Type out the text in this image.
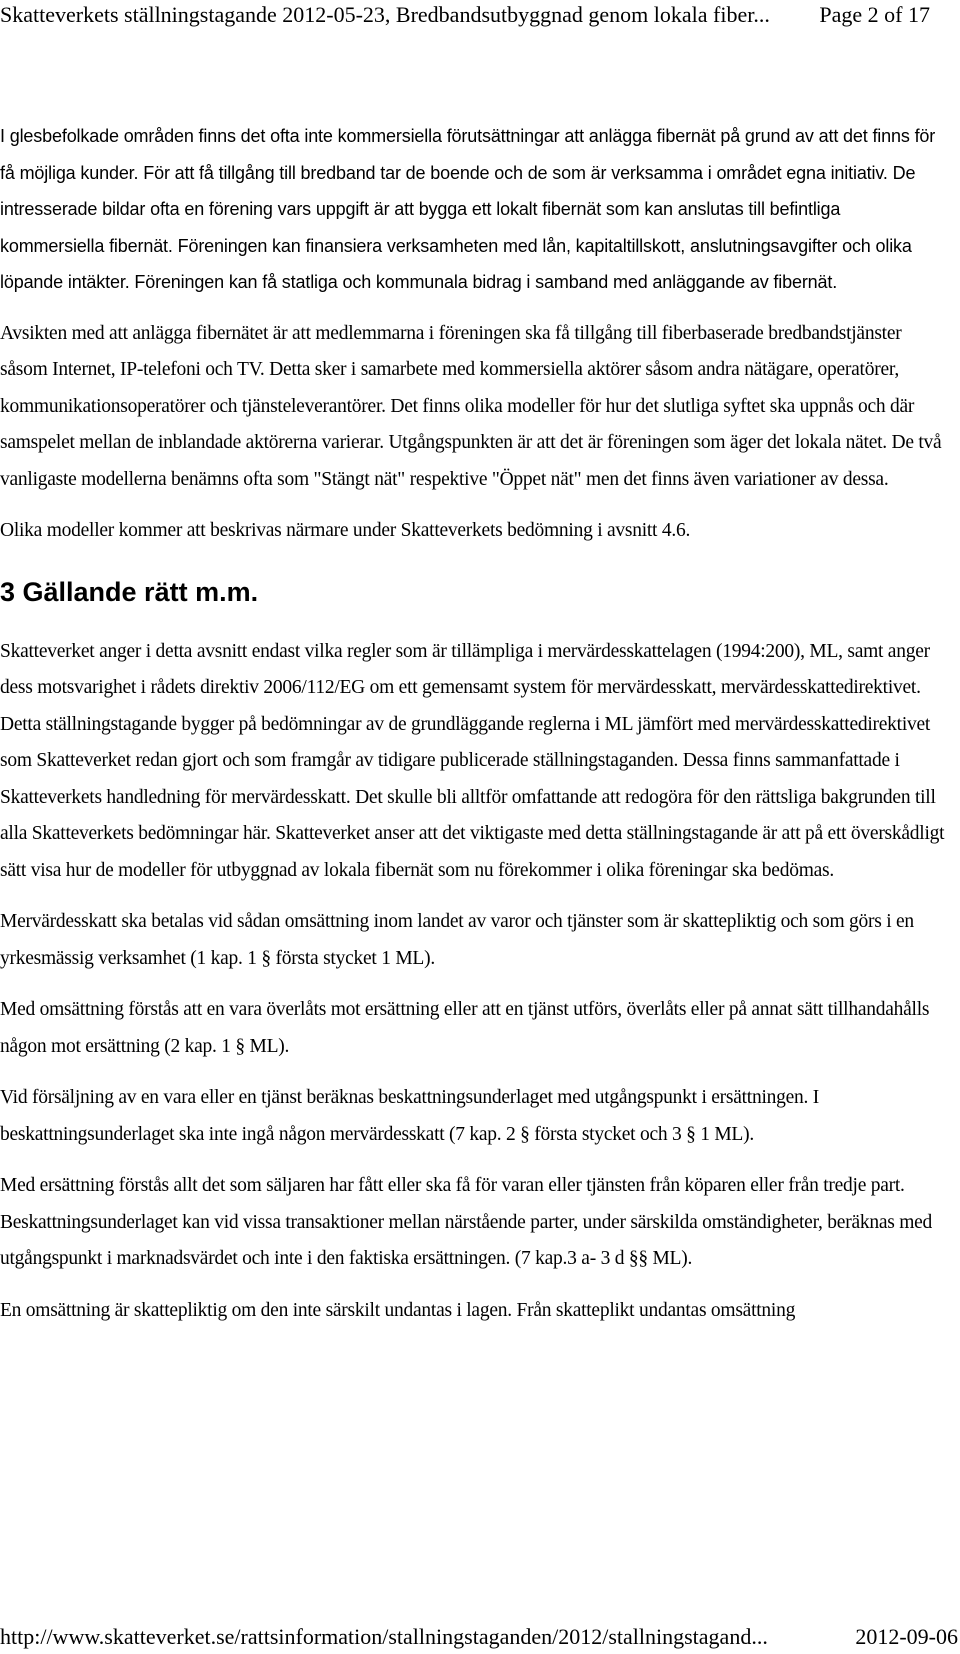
Skatteverkets ställningstagande 2012-05-23, Bredbandsutbyggnad genom lokala fiber... Page 2 of 17

I glesbefolkade områden finns det ofta inte kommersiella förutsättningar att anlägga fibernät på grund av att det finns för få möjliga kunder. För att få tillgång till bredband tar de boende och de som är verksamma i området egna initiativ. De intresserade bildar ofta en förening vars uppgift är att bygga ett lokalt fibernät som kan anslutas till befintliga kommersiella fibernät. Föreningen kan finansiera verksamheten med lån, kapitaltillskott, anslutningsavgifter och olika löpande intäkter. Föreningen kan få statliga och kommunala bidrag i samband med anläggande av fibernät.

Avsikten med att anlägga fibernätet är att medlemmarna i föreningen ska få tillgång till fiberbaserade bredbandstjänster såsom Internet, IP-telefoni och TV. Detta sker i samarbete med kommersiella aktörer såsom andra nätägare, operatörer, kommunikationsoperatörer och tjänsteleverantörer. Det finns olika modeller för hur det slutliga syftet ska uppnås och där samspelet mellan de inblandade aktörerna varierar. Utgångspunkten är att det är föreningen som äger det lokala nätet. De två vanligaste modellerna benämns ofta som "Stängt nät" respektive "Öppet nät" men det finns även variationer av dessa.

Olika modeller kommer att beskrivas närmare under Skatteverkets bedömning i avsnitt 4.6.

3 Gällande rätt m.m.

Skatteverket anger i detta avsnitt endast vilka regler som är tillämpliga i mervärdesskattelagen (1994:200), ML, samt anger dess motsvarighet i rådets direktiv 2006/112/EG om ett gemensamt system för mervärdesskatt, mervärdesskattedirektivet. Detta ställningstagande bygger på bedömningar av de grundläggande reglerna i ML jämfört med mervärdesskattedirektivet som Skatteverket redan gjort och som framgår av tidigare publicerade ställningstaganden. Dessa finns sammanfattade i Skatteverkets handledning för mervärdesskatt. Det skulle bli alltför omfattande att redogöra för den rättsliga bakgrunden till alla Skatteverkets bedömningar här. Skatteverket anser att det viktigaste med detta ställningstagande är att på ett överskådligt sätt visa hur de modeller för utbyggnad av lokala fibernät som nu förekommer i olika föreningar ska bedömas.

Mervärdesskatt ska betalas vid sådan omsättning inom landet av varor och tjänster som är skattepliktig och som görs i en yrkesmässig verksamhet (1 kap. 1 § första stycket 1 ML).

Med omsättning förstås att en vara överlåts mot ersättning eller att en tjänst utförs, överlåts eller på annat sätt tillhandahålls någon mot ersättning (2 kap. 1 § ML).

Vid försäljning av en vara eller en tjänst beräknas beskattningsunderlaget med utgångspunkt i ersättningen. I beskattningsunderlaget ska inte ingå någon mervärdesskatt (7 kap. 2 § första stycket och 3 § 1 ML).

Med ersättning förstås allt det som säljaren har fått eller ska få för varan eller tjänsten från köparen eller från tredje part. Beskattningsunderlaget kan vid vissa transaktioner mellan närstående parter, under särskilda omständigheter, beräknas med utgångspunkt i marknadsvärdet och inte i den faktiska ersättningen. (7 kap.3 a- 3 d §§ ML).

En omsättning är skattepliktig om den inte särskilt undantas i lagen. Från skatteplikt undantas omsättning

http://www.skatteverket.se/rattsinformation/stallningstaganden/2012/stallningstagand...	2012-09-06
